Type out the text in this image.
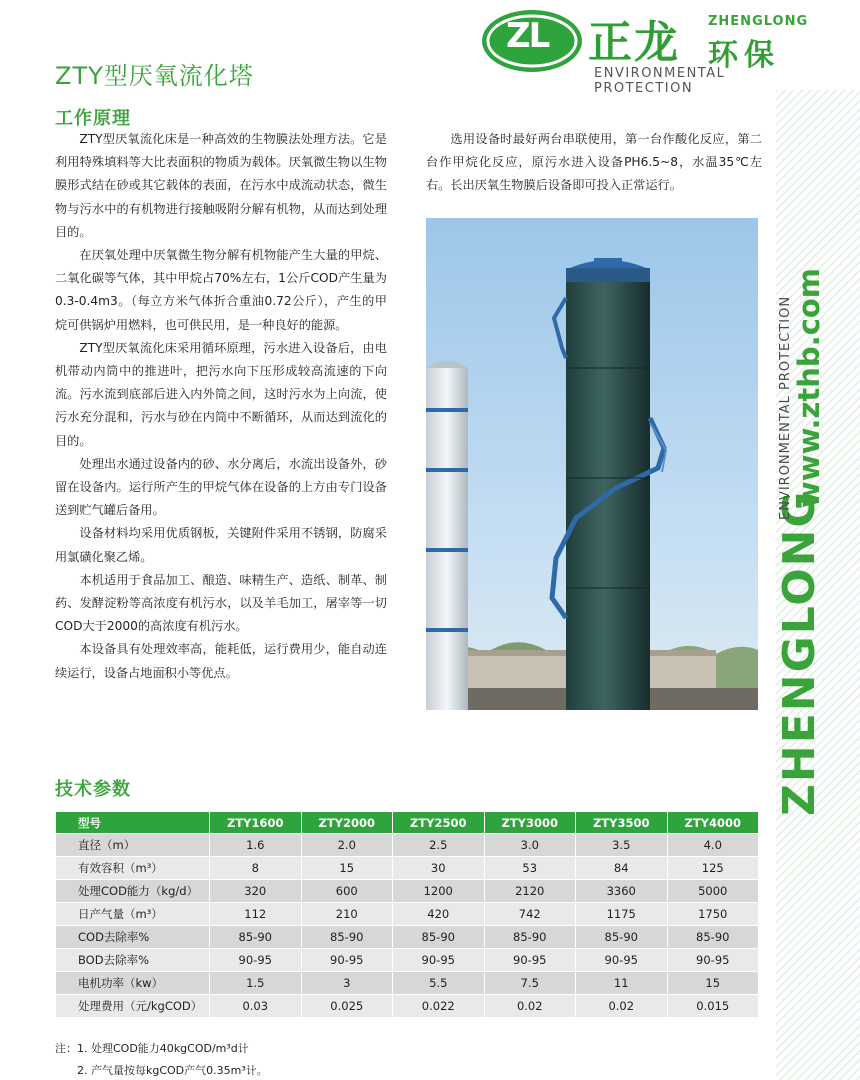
ZTY型厌氧流化塔
ZL 正龙 ZHENGLONG
环保
ENVIRONMENTAL PROTECTION
工作原理

ZTY型厌氧流化床是一种高效的生物膜法处理方法。它是利用特殊填料等大比表面积的物质为载体。厌氧微生物以生物膜形式结在砂或其它载体的表面，在污水中成流动状态，微生物与污水中的有机物进行接触吸附分解有机物，从而达到处理目的。

在厌氧处理中厌氧微生物分解有机物能产生大量的甲烷、二氧化碳等气体，其中甲烷占70%左右，1公斤COD产生量为0.3-0.4m3。（每立方米气体折合重油0.72公斤），产生的甲烷可供锅炉用燃料，也可供民用，是一种良好的能源。

ZTY型厌氧流化床采用循环原理，污水进入设备后，由电机带动内筒中的推进叶，把污水向下压形成较高流速的下向流。污水流到底部后进入内外筒之间，这时污水为上向流，使污水充分混和，污水与砂在内筒中不断循环，从而达到流化的目的。

处理出水通过设备内的砂、水分离后，水流出设备外，砂留在设备内。运行所产生的甲烷气体在设备的上方由专门设备送到贮气罐后备用。

设备材料均采用优质钢板，关键附件采用不锈钢，防腐采用氯磺化聚乙烯。

本机适用于食品加工、酿造、味精生产、造纸、制革、制药、发酵淀粉等高浓度有机污水，以及羊毛加工，屠宰等一切COD大于2000的高浓度有机污水。

本设备具有处理效率高，能耗低，运行费用少，能自动连续运行，设备占地面积小等优点。

选用设备时最好两台串联使用，第一台作酸化反应，第二台作甲烷化反应，原污水进入设备PH6.5~8，水温35℃左右。长出厌氧生物膜后设备即可投入正常运行。

ZHENGLONG
ENVIRONMENTAL PROTECTION www.zthb.com
技术参数
型号	ZTY1600	ZTY2000	ZTY2500	ZTY3000	ZTY3500	ZTY4000
直径（m）	1.6	2.0	2.5	3.0	3.5	4.0
有效容积（m³）	8	15	30	53	84	125
处理COD能力（kg/d）	320	600	1200	2120	3360	5000
日产气量（m³）	112	210	420	742	1175	1750
COD去除率%	85-90	85-90	85-90	85-90	85-90	85-90
BOD去除率%	90-95	90-95	90-95	90-95	90-95	90-95
电机功率（kw）	1.5	3	5.5	7.5	11	15
处理费用（元/kgCOD）	0.03	0.025	0.022	0.02	0.02	0.015
注：1. 处理COD能力40kgCOD/m³d计
2. 产气量按每kgCOD产气0.35m³计。
